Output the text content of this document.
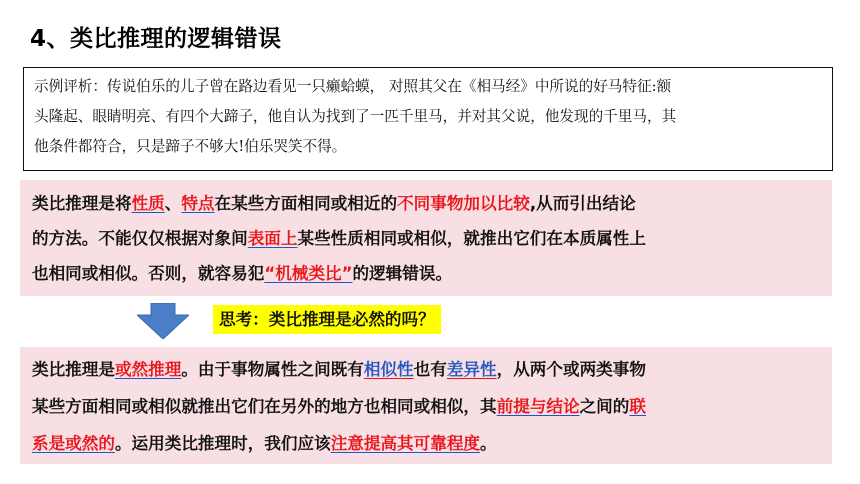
4、类比推理的逻辑错误
示例评析：传说伯乐的儿子曾在路边看见一只癞蛤蟆， 对照其父在《相马经》中所说的好马特征:额
头隆起、眼睛明亮、有四个大蹄子，他自认为找到了一匹千里马，并对其父说，他发现的千里马，其
他条件都符合，只是蹄子不够大!伯乐哭笑不得。
类比推理是将性质、特点在某些方面相同或相近的不同事物加以比较,从而引出结论
的方法。不能仅仅根据对象间表面上某些性质相同或相似，就推出它们在本质属性上
也相同或相似。否则，就容易犯“机械类比”的逻辑错误。
思考：类比推理是必然的吗？
类比推理是或然推理。由于事物属性之间既有相似性也有差异性，从两个或两类事物
某些方面相同或相似就推出它们在另外的地方也相同或相似，其前提与结论之间的联
系是或然的。运用类比推理时，我们应该注意提高其可靠程度。
